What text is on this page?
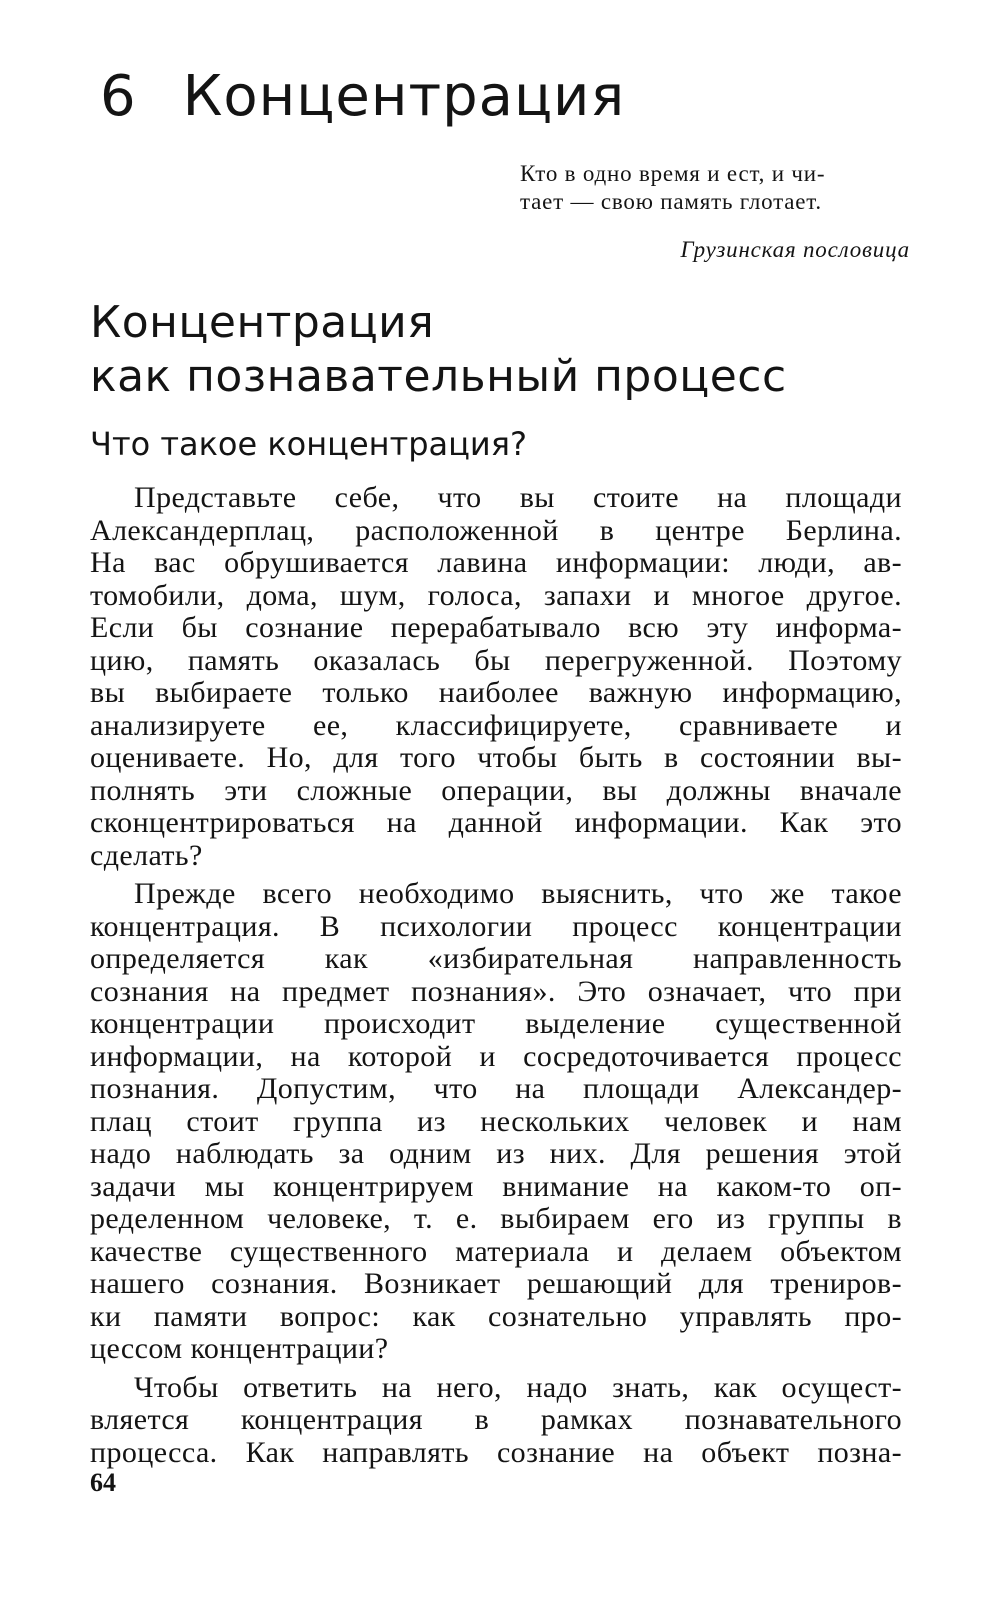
6 Концентрация
Кто в одно время и ест, и чи-
тает — свою память глотает.
Грузинская пословица
Концентрация
как познавательный процесс
Что такое концентрация?
Представьте себе, что вы стоите на площади
Александерплац, расположенной в центре Берлина.
На вас обрушивается лавина информации: люди, ав-
томобили, дома, шум, голоса, запахи и многое другое.
Если бы сознание перерабатывало всю эту информа-
цию, память оказалась бы перегруженной. Поэтому
вы выбираете только наиболее важную информацию,
анализируете ее, классифицируете, сравниваете и
оцениваете. Но, для того чтобы быть в состоянии вы-
полнять эти сложные операции, вы должны вначале
сконцентрироваться на данной информации. Как это
сделать?
Прежде всего необходимо выяснить, что же такое
концентрация. В психологии процесс концентрации
определяется как «избирательная направленность
сознания на предмет познания». Это означает, что при
концентрации происходит выделение существенной
информации, на которой и сосредоточивается процесс
познания. Допустим, что на площади Александер-
плац стоит группа из нескольких человек и нам
надо наблюдать за одним из них. Для решения этой
задачи мы концентрируем внимание на каком-то оп-
ределенном человеке, т. е. выбираем его из группы в
качестве существенного материала и делаем объектом
нашего сознания. Возникает решающий для трениров-
ки памяти вопрос: как сознательно управлять про-
цессом концентрации?
Чтобы ответить на него, надо знать, как осущест-
вляется концентрация в рамках познавательного
процесса. Как направлять сознание на объект позна-
64
